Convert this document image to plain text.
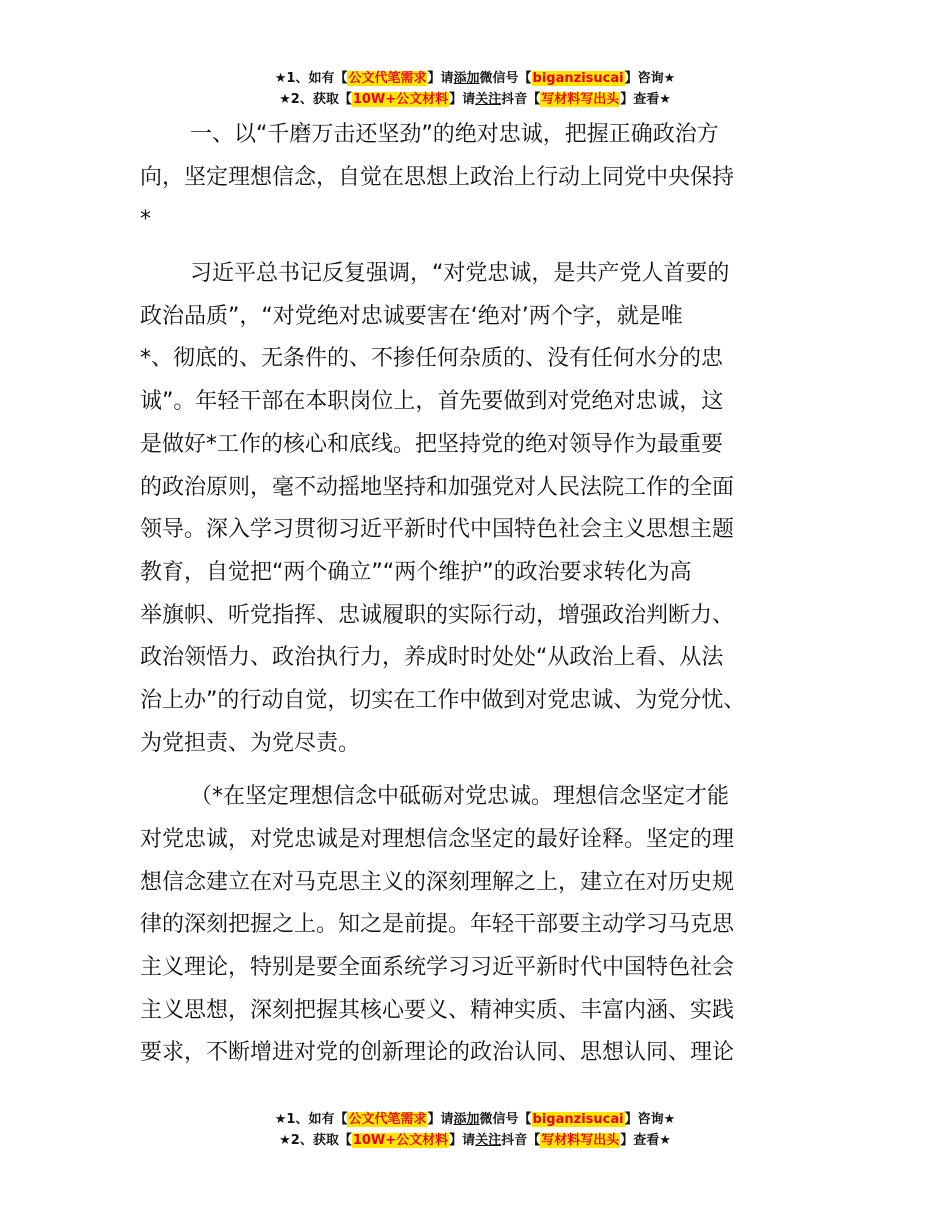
★1、如有【公文代笔需求】请添加微信号【biganzisucai】咨询★
★2、获取【10W+公文材料】请关注抖音【写材料写出头】查看★
一、以“千磨万击还坚劲”的绝对忠诚，把握正确政治方
向，坚定理想信念，自觉在思想上政治上行动上同党中央保持
*
习近平总书记反复强调，“对党忠诚，是共产党人首要的
政治品质”，“对党绝对忠诚要害在‘绝对’两个字，就是唯
*、彻底的、无条件的、不掺任何杂质的、没有任何水分的忠
诚”。年轻干部在本职岗位上，首先要做到对党绝对忠诚，这
是做好*工作的核心和底线。把坚持党的绝对领导作为最重要
的政治原则，毫不动摇地坚持和加强党对人民法院工作的全面
领导。深入学习贯彻习近平新时代中国特色社会主义思想主题
教育，自觉把“两个确立”“两个维护”的政治要求转化为高
举旗帜、听党指挥、忠诚履职的实际行动，增强政治判断力、
政治领悟力、政治执行力，养成时时处处“从政治上看、从法
治上办”的行动自觉，切实在工作中做到对党忠诚、为党分忧、
为党担责、为党尽责。
（*在坚定理想信念中砥砺对党忠诚。理想信念坚定才能
对党忠诚，对党忠诚是对理想信念坚定的最好诠释。坚定的理
想信念建立在对马克思主义的深刻理解之上，建立在对历史规
律的深刻把握之上。知之是前提。年轻干部要主动学习马克思
主义理论，特别是要全面系统学习习近平新时代中国特色社会
主义思想，深刻把握其核心要义、精神实质、丰富内涵、实践
要求，不断增进对党的创新理论的政治认同、思想认同、理论
★1、如有【公文代笔需求】请添加微信号【biganzisucai】咨询★
★2、获取【10W+公文材料】请关注抖音【写材料写出头】查看★
